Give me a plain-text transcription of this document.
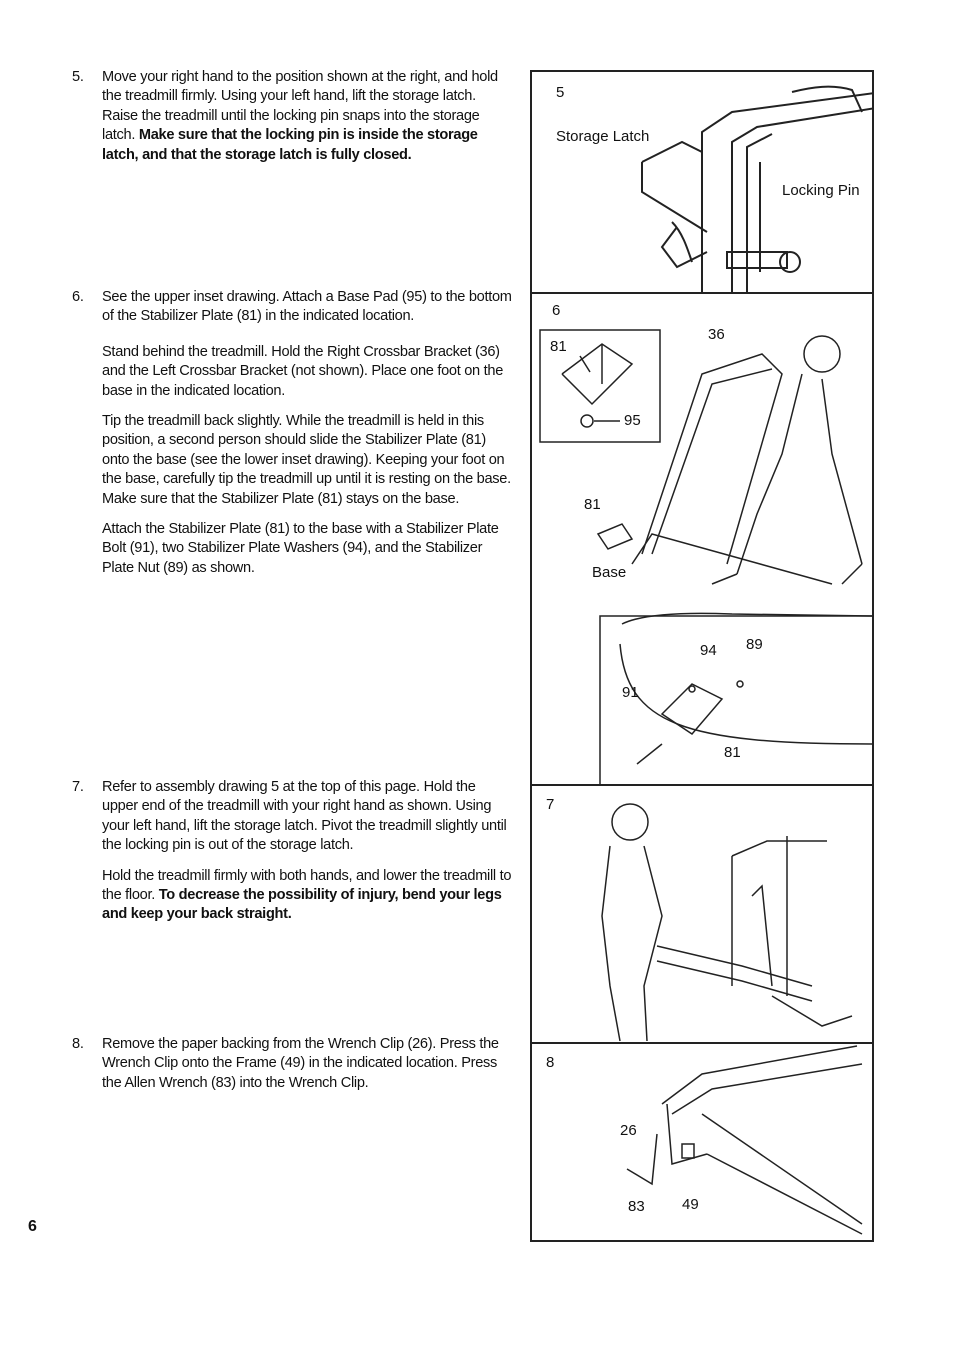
5.	Move your right hand to the position shown at the right, and hold the treadmill firmly. Using your left hand, lift the storage latch. Raise the treadmill until the locking pin snaps into the storage latch. Make sure that the locking pin is inside the storage latch, and that the storage latch is fully closed.

6.	See the upper inset drawing. Attach a Base Pad (95) to the bottom of the Stabilizer Plate (81) in the indicated location.

Stand behind the treadmill. Hold the Right Crossbar Bracket (36) and the Left Crossbar Bracket (not shown). Place one foot on the base in the indicated location.

Tip the treadmill back slightly. While the treadmill is held in this position, a second person should slide the Stabilizer Plate (81) onto the base (see the lower inset drawing). Keeping your foot on the base, carefully tip the treadmill up until it is resting on the base. Make sure that the Stabilizer Plate (81) stays on the base.

Attach the Stabilizer Plate (81) to the base with a Stabilizer Plate Bolt (91), two Stabilizer Plate Washers (94), and the Stabilizer Plate Nut (89) as shown.

7.	Refer to assembly drawing 5 at the top of this page. Hold the upper end of the treadmill with your right hand as shown. Using your left hand, lift the storage latch. Pivot the treadmill slightly until the locking pin is out of the storage latch.

Hold the treadmill firmly with both hands, and lower the treadmill to the floor. To decrease the possibility of injury, bend your legs and keep your back straight.

8.	Remove the paper backing from the Wrench Clip (26). Press the Wrench Clip onto the Frame (49) in the indicated location. Press the Allen Wrench (83) into the Wrench Clip.

6
5
Storage Latch
Locking Pin
6
81
95
36
81
Base
94 89
91
81
7
8
26
83 49
